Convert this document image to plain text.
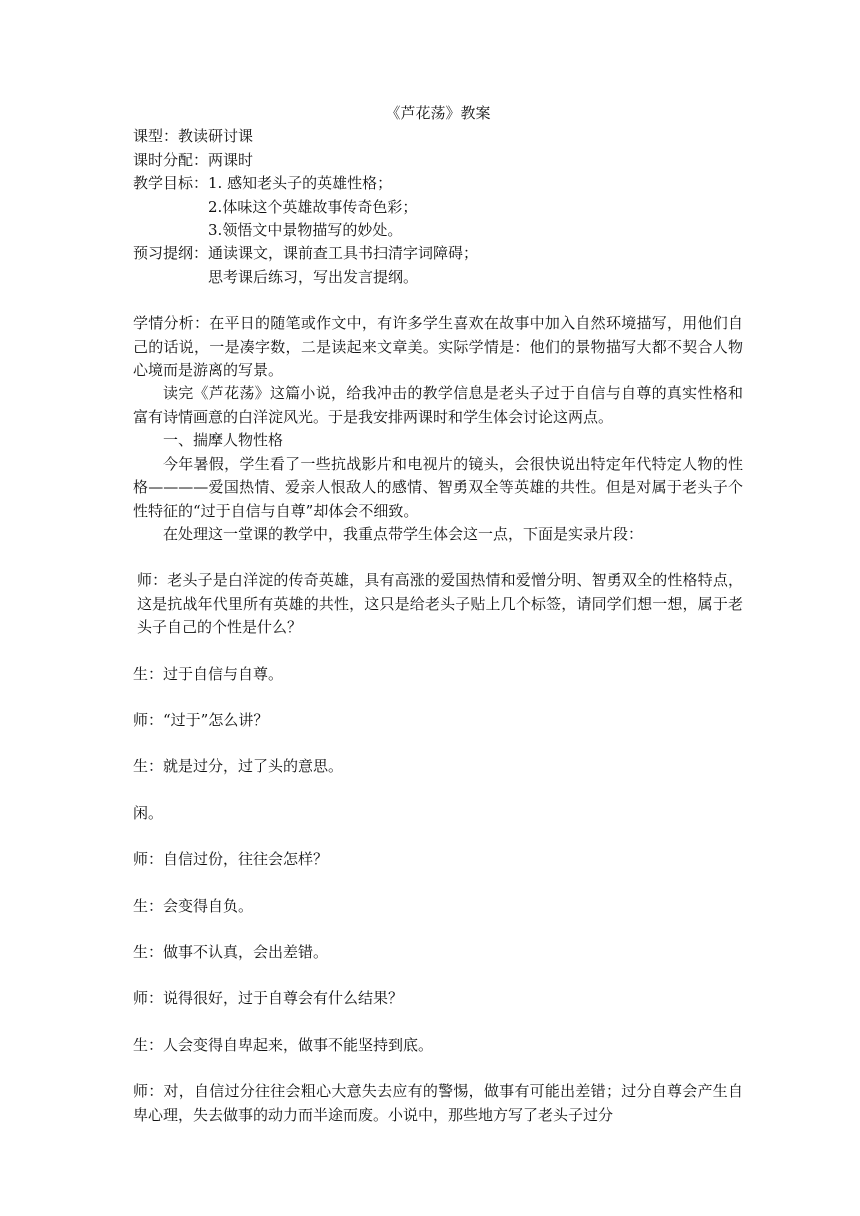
《芦花荡》教案
课型： 教读研讨课
课时分配： 两课时
教学目标： 1. 感知老头子的英雄性格；
2.体味这个英雄故事传奇色彩；
3.领悟文中景物描写的妙处。
预习提纲： 通读课文，课前查工具书扫清字词障碍；
思考课后练习，写出发言提纲。

学情分析：在平日的随笔或作文中，有许多学生喜欢在故事中加入自然环境描写，用他们自己的话说，一是凑字数，二是读起来文章美。实际学情是：他们的景物描写大都不契合人物心境而是游离的写景。

读完《芦花荡》这篇小说，给我冲击的教学信息是老头子过于自信与自尊的真实性格和富有诗情画意的白洋淀风光。于是我安排两课时和学生体会讨论这两点。

一、揣摩人物性格

今年暑假，学生看了一些抗战影片和电视片的镜头，会很快说出特定年代特定人物的性格————爱国热情、爱亲人恨敌人的感情、智勇双全等英雄的共性。但是对属于老头子个性特征的“过于自信与自尊”却体会不细致。

在处理这一堂课的教学中，我重点带学生体会这一点，下面是实录片段：

师：老头子是白洋淀的传奇英雄，具有高涨的爱国热情和爱憎分明、智勇双全的性格特点，这是抗战年代里所有英雄的共性，这只是给老头子贴上几个标签，请同学们想一想，属于老头子自己的个性是什么？

生：过于自信与自尊。

师：“过于”怎么讲？

生：就是过分，过了头的意思。

闲。

师：自信过份，往往会怎样？

生：会变得自负。

生：做事不认真，会出差错。

师：说得很好，过于自尊会有什么结果？

生：人会变得自卑起来，做事不能坚持到底。

师：对，自信过分往往会粗心大意失去应有的警惕，做事有可能出差错；过分自尊会产生自卑心理，失去做事的动力而半途而废。小说中，那些地方写了老头子过分
